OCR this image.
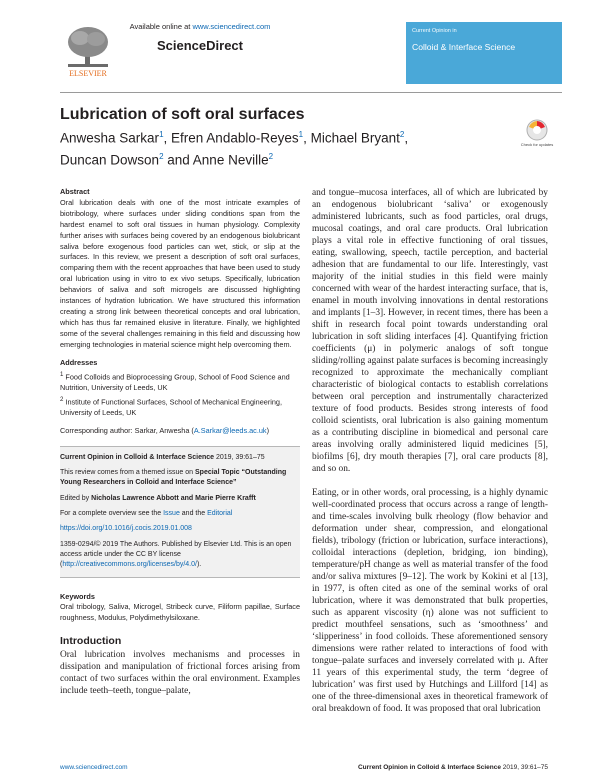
Available online at www.sciencedirect.com
ScienceDirect
ELSEVIER
Current Opinion in
Colloid & Interface Science
Lubrication of soft oral surfaces
Anwesha Sarkar$^1$, Efren Andablo-Reyes$^1$, Michael Bryant$^2$,
Duncan Dowson$^2$ and Anne Neville$^2$
Check for updates
Abstract

Oral lubrication deals with one of the most intricate examples of biotribology, where surfaces under sliding conditions span from the hardest enamel to soft oral tissues in human physiology. Complexity further arises with surfaces being covered by an endogenous biolubricant saliva before exogenous food particles can wet, stick, or slip at the surfaces. In this review, we present a description of soft oral surfaces, comparing them with the recent approaches that have been used to study oral lubrication using in vitro to ex vivo setups. Specifically, lubrication behaviors of saliva and soft microgels are discussed highlighting instances of hydration lubrication. We have structured this information creating a strong link between theoretical concepts and oral lubrication, which has thus far remained elusive in literature. Finally, we highlighted some of the several challenges remaining in this field and discussing how emerging technologies in material science might help overcoming them.

Addresses
$^1$ Food Colloids and Bioprocessing Group, School of Food Science and Nutrition, University of Leeds, UK
$^2$ Institute of Functional Surfaces, School of Mechanical Engineering, University of Leeds, UK
Corresponding author: Sarkar, Anwesha (A.Sarkar@leeds.ac.uk)
Current Opinion in Colloid & Interface Science 2019, 39:61–75
This review comes from a themed issue on Special Topic “Outstanding Young Researchers in Colloid and Interface Science”
Edited by Nicholas Lawrence Abbott and Marie Pierre Krafft
For a complete overview see the Issue and the Editorial
https://doi.org/10.1016/j.cocis.2019.01.008
1359-0294/© 2019 The Authors. Published by Elsevier Ltd. This is an open access article under the CC BY license (http://creativecommons.org/licenses/by/4.0/).
Keywords

Oral tribology, Saliva, Microgel, Stribeck curve, Filiform papillae, Surface roughness, Modulus, Polydimethylsiloxane.

Introduction

Oral lubrication involves mechanisms and processes in dissipation and manipulation of frictional forces arising from contact of two surfaces within the oral environment. Examples include teeth–teeth, tongue–palate,

and tongue–mucosa interfaces, all of which are lubricated by an endogenous biolubricant ‘saliva’ or exogenously administered lubricants, such as food particles, oral drugs, mucosal coatings, and oral care products. Oral lubrication plays a vital role in effective functioning of oral tissues, eating, swallowing, speech, tactile perception, and bacterial adhesion that are fundamental to our life. Interestingly, vast majority of the initial studies in this field were mainly concerned with wear of the hardest interacting surface, that is, enamel in mouth involving innovations in dental restorations and implants [1–3]. However, in recent times, there has been a shift in research focal point towards understanding oral lubrication in soft sliding interfaces [4]. Quantifying friction coefficients (μ) in polymeric analogs of soft tongue sliding/rolling against palate surfaces is becoming increasingly recognized to approximate the mechanically compliant characteristic of biological contacts to establish correlations between oral perception and instrumentally characterized texture of food products. Besides strong interests of food colloid scientists, oral lubrication is also gaining momentum as a contributing discipline in biomedical and personal care areas involving orally administered liquid medicines [5], biofilms [6], dry mouth therapies [7], oral care products [8], and so on.

Eating, or in other words, oral processing, is a highly dynamic well-coordinated process that occurs across a range of length- and time-scales involving bulk rheology (flow behavior and deformation under shear, compression, and elongational fields), tribology (friction or lubrication, surface interactions), colloidal interactions (depletion, bridging, ion binding), temperature/pH change as well as material transfer of the food and/or saliva mixtures [9–12]. The work by Kokini et al [13], in 1977, is often cited as one of the seminal works of oral lubrication, where it was demonstrated that bulk properties, such as apparent viscosity (η) alone was not sufficient to predict mouthfeel sensations, such as ‘smoothness’ and ‘slipperiness’ in food colloids. These aforementioned sensory dimensions were rather related to interactions of food with tongue–palate surfaces and inversely correlated with μ. After 11 years of this experimental study, the term ‘degree of lubrication’ was first used by Hutchings and Lillford [14] as one of the three-dimensional axes in theoretical framework of oral breakdown of food. It was proposed that oral lubrication

www.sciencedirect.com	Current Opinion in Colloid & Interface Science 2019, 39:61–75
